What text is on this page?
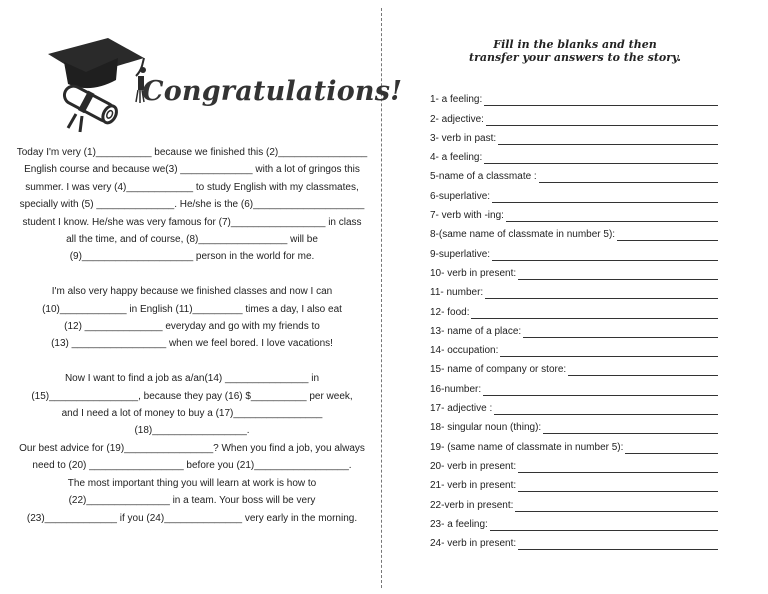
Congratulations!

Today I'm very (1)__________ because we finished this (2)________________

English course and because we(3) _____________ with a lot of gringos this

summer. I was very (4)____________ to study English with my classmates,

specially with (5) ______________. He/she is the (6)____________________

student I know. He/she was very famous for (7)_________________ in class

all the time, and of course, (8)________________ will be

(9)____________________ person in the world for me.

I'm also very happy because we finished classes and now I can

(10)____________ in English (11)_________ times a day, I also eat

(12) ______________ everyday and go with my friends to

(13) _________________ when we feel bored. I love vacations!

Now I want to find a job as a/an(14) _______________ in

(15)________________, because they pay (16) $__________ per week,

and I need a lot of money to buy a (17)________________

(18)_________________.

Our best advice for (19)________________? When you find a job, you always

need to (20) _________________ before you (21)_________________.

The most important thing you will learn at work is how to

(22)_______________ in a team. Your boss will be very

(23)_____________ if you (24)______________ very early in the morning.

Fill in the blanks and then
transfer your answers to the story.
1- a feeling:
2- adjective:
3- verb in past:
4- a feeling:
5-name of a classmate :
6-superlative:
7- verb with -ing:
8-(same name of classmate in number 5):
9-superlative:
10- verb in present:
11- number:
12- food:
13- name of a place:
14- occupation:
15- name of company or store:
16-number:
17- adjective :
18- singular noun (thing):
19- (same name of classmate in number 5):
20- verb in present:
21- verb in present:
22-verb in present:
23- a feeling:
24- verb in present:
